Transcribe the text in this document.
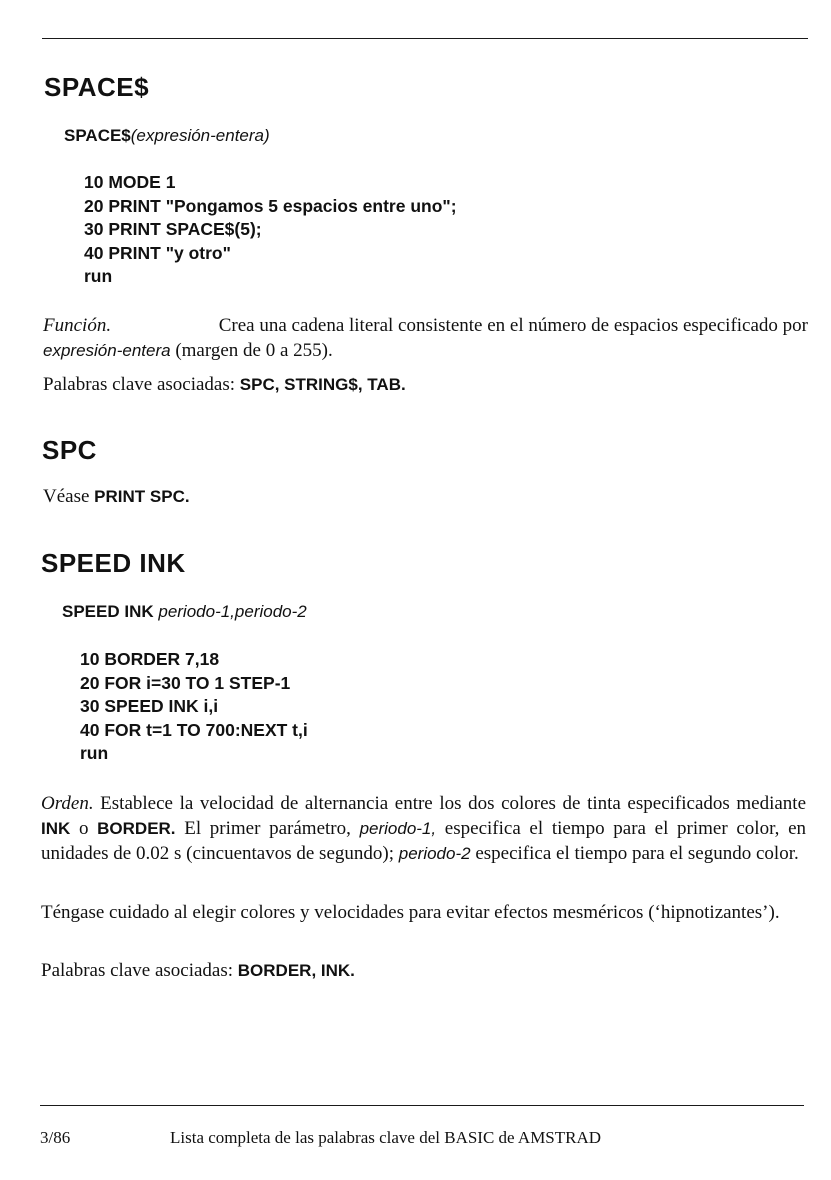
SPACE$

SPACE$(expresión-entera)

10 MODE 1
20 PRINT "Pongamos 5 espacios entre uno";
30 PRINT SPACE$(5);
40 PRINT "y otro"
run

Función.	Crea una cadena literal consistente en el número de espacios especificado por
expresión-entera (margen de 0 a 255).

Palabras clave asociadas: SPC, STRING$, TAB.

SPC

Véase PRINT SPC.

SPEED INK

SPEED INK periodo-1,periodo-2

10 BORDER 7,18
20 FOR i=30 TO 1 STEP-1
30 SPEED INK i,i
40 FOR t=1 TO 700:NEXT t,i
run

Orden. Establece la velocidad de alternancia entre los dos colores de tinta especificados mediante INK o BORDER. El primer parámetro, periodo-1, especifica el tiempo para el primer color, en unidades de 0.02 s (cincuentavos de segundo); periodo-2 especifica el tiempo para el segundo color.

Téngase cuidado al elegir colores y velocidades para evitar efectos mesméricos (‘hipnotizantes’).

Palabras clave asociadas: BORDER, INK.

3/86	Lista completa de las palabras clave del BASIC de AMSTRAD
